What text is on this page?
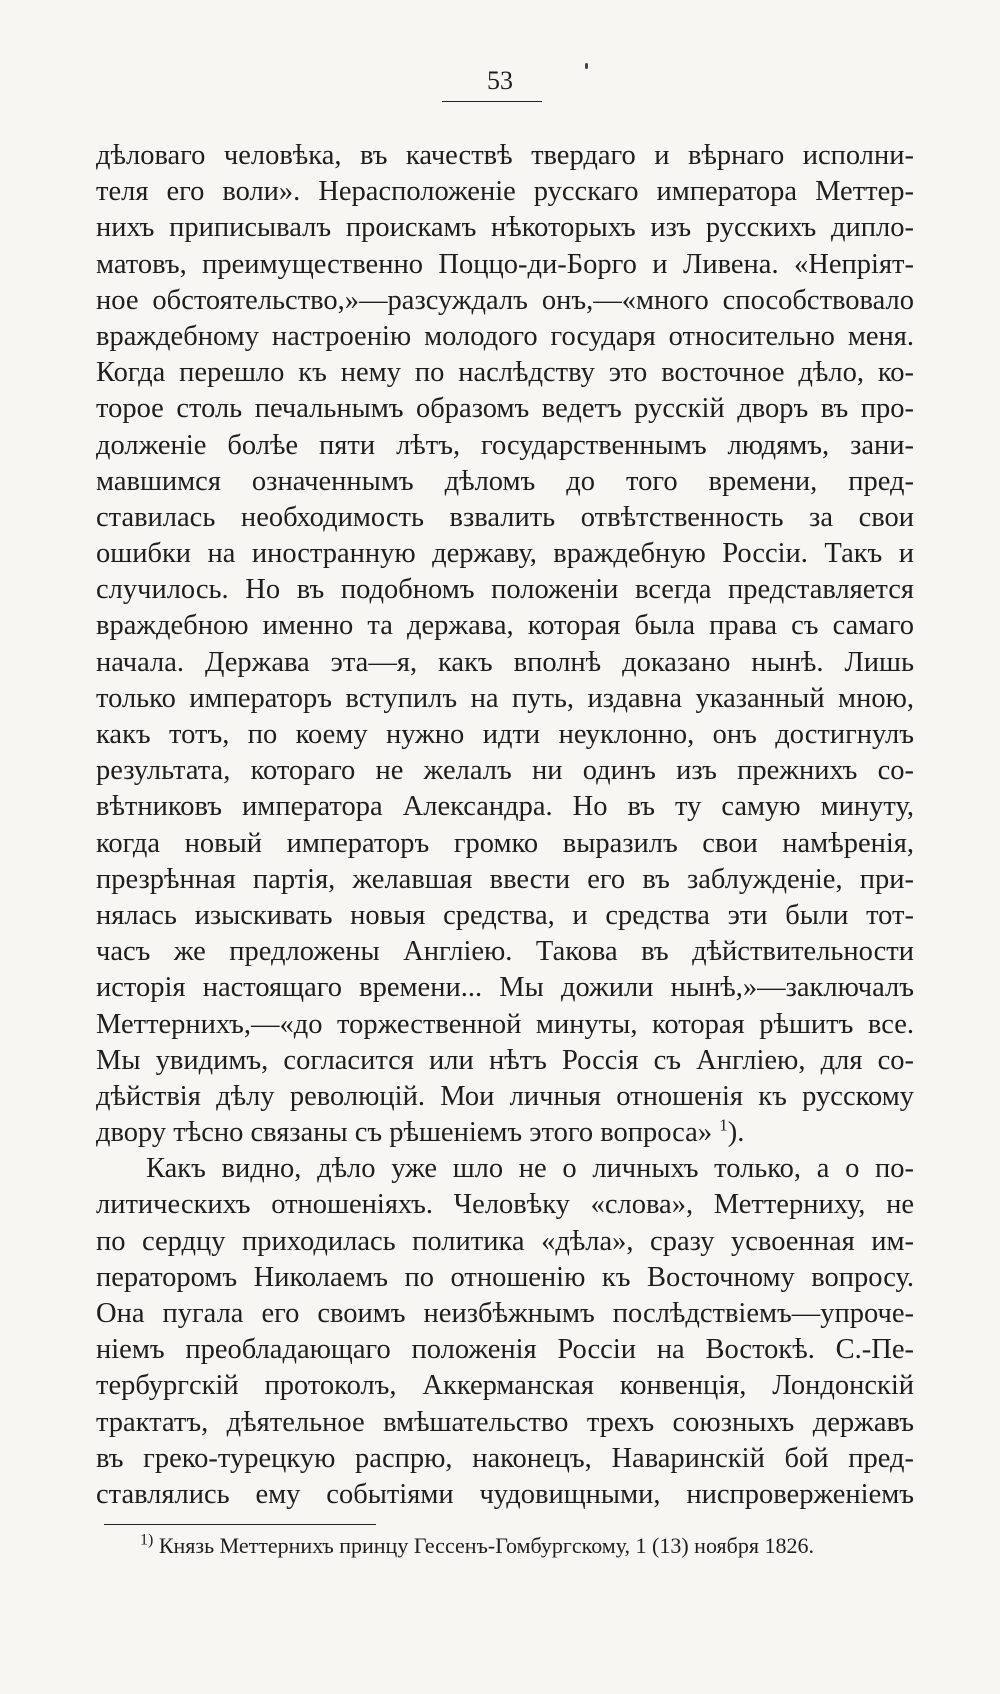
53
дѣловаго человѣка, въ качествѣ твердаго и вѣрнаго исполни-
теля его воли». Нерасположеніе русскаго императора Меттер-
нихъ приписывалъ проискамъ нѣкоторыхъ изъ русскихъ дипло-
матовъ, преимущественно Поццо-ди-Борго и Ливена. «Непріят-
ное обстоятельство,»—разсуждалъ онъ,—«много способствовало
враждебному настроенію молодого государя относительно меня.
Когда перешло къ нему по наслѣдству это восточное дѣло, ко-
торое столь печальнымъ образомъ ведетъ русскій дворъ въ про-
долженіе болѣе пяти лѣтъ, государственнымъ людямъ, зани-
мавшимся означеннымъ дѣломъ до того времени, пред-
ставилась необходимость взвалить отвѣтственность за свои
ошибки на иностранную державу, враждебную Россіи. Такъ и
случилось. Но въ подобномъ положеніи всегда представляется
враждебною именно та держава, которая была права съ самаго
начала. Держава эта—я, какъ вполнѣ доказано нынѣ. Лишь
только императоръ вступилъ на путь, издавна указанный мною,
какъ тотъ, по коему нужно идти неуклонно, онъ достигнулъ
результата, котораго не желалъ ни одинъ изъ прежнихъ со-
вѣтниковъ императора Александра. Но въ ту самую минуту,
когда новый императоръ громко выразилъ свои намѣренія,
презрѣнная партія, желавшая ввести его въ заблужденіе, при-
нялась изыскивать новыя средства, и средства эти были тот-
часъ же предложены Англіею. Такова въ дѣйствительности
исторія настоящаго времени... Мы дожили нынѣ,»—заключалъ
Меттернихъ,—«до торжественной минуты, которая рѣшитъ все.
Мы увидимъ, согласится или нѣтъ Россія съ Англіею, для со-
дѣйствія дѣлу революцій. Мои личныя отношенія къ русскому
двору тѣсно связаны съ рѣшеніемъ этого вопроса» $^1$).
Какъ видно, дѣло уже шло не о личныхъ только, а о по-
литическихъ отношеніяхъ. Человѣку «слова», Меттерниху, не
по сердцу приходилась политика «дѣла», сразу усвоенная им-
ператоромъ Николаемъ по отношенію къ Восточному вопросу.
Она пугала его своимъ неизбѣжнымъ послѣдствіемъ—упроче-
ніемъ преобладающаго положенія Россіи на Востокѣ. С.-Пе-
тербургскій протоколъ, Аккерманская конвенція, Лондонскій
трактатъ, дѣятельное вмѣшательство трехъ союзныхъ державъ
въ греко-турецкую распрю, наконецъ, Наваринскій бой пред-
ставлялись ему событіями чудовищными, ниспроверженіемъ
$^{1)}$ Князь Меттернихъ принцу Гессенъ-Гомбургскому, 1 (13) ноября 1826.
